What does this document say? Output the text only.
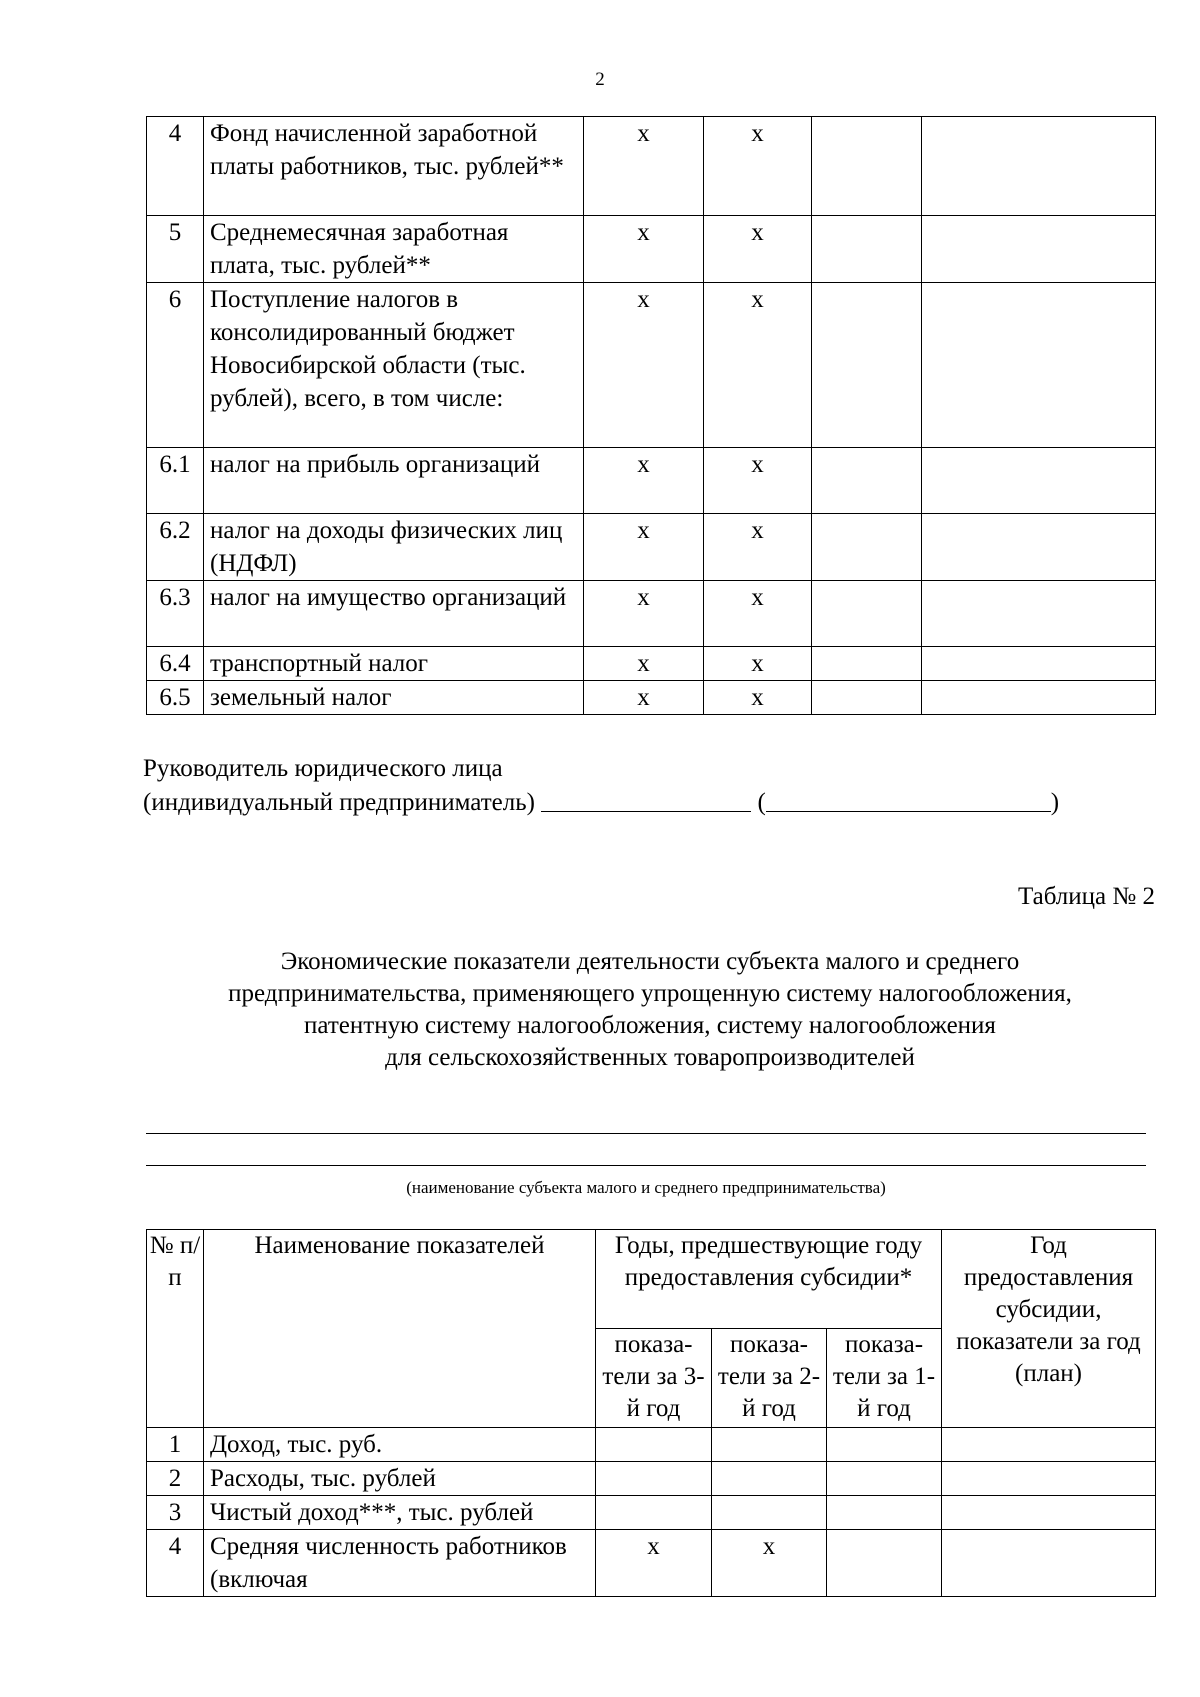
2
4	Фонд начисленной заработной платы работников, тыс. рублей**	x	x		
5	Среднемесячная заработная плата, тыс. рублей**	x	x		
6	Поступление налогов в консолидированный бюджет Новосибирской области (тыс. рублей), всего, в том числе:	x	x		
6.1	налог на прибыль организаций	x	x		
6.2	налог на доходы физических лиц (НДФЛ)	x	x		
6.3	налог на имущество организаций	x	x		
6.4	транспортный налог	x	x		
6.5	земельный налог	x	x		
Руководитель юридического лица
(индивидуальный предприниматель)	(	)
Таблица № 2
Экономические показатели деятельности субъекта малого и среднего
предпринимательства, применяющего упрощенную систему налогообложения,
патентную систему налогообложения, систему налогообложения
для сельскохозяйственных товаропроизводителей
(наименование субъекта малого и среднего предпринимательства)
№ п/п	Наименование показателей	Годы, предшествующие году предоставления субсидии*			Год предоставления субсидии, показатели за год (план)
		показа-тели за 3-й год	показа-тели за 2-й год	показа-тели за 1-й год	
1	Доход, тыс. руб.				
2	Расходы, тыс. рублей				
3	Чистый доход***, тыс. рублей				
4	Средняя численность работников (включая	x	x		
